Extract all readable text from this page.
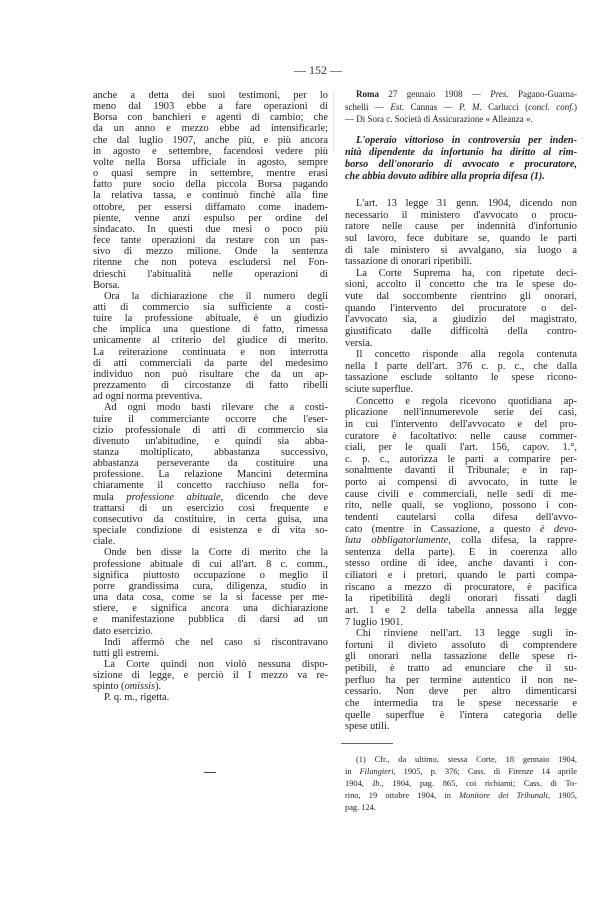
— 152 —
anche a detta dei suoi testimoni, per lo
meno dal 1903 ebbe a fare operazioni di
Borsa con banchieri e agenti di cambio; che
da un anno e mezzo ebbe ad intensificarle;
che dal luglio 1907, anche più, e più ancora
in agosto e settembre, facendosi vedere più
volte nella Borsa ufficiale in agosto, sempre
o quasi sempre in settembre, mentre erasi
fatto pure socio della piccola Borsa pagando
la relativa tassa, e continuò finchè alla fine
ottobre, per essersi diffamato come inadem-
piente, venne anzi espulso per ordine del
sindacato. In questi due mesi o poco più
fece tante operazioni da restare con un pas-
sivo di mezzo milione. Onde la sentenza
ritenne che non poteva escludersi nel Fon-
drieschi l'abitualità nelle operazioni di
Borsa.
Ora la dichiarazione che il numero degli
atti di commercio sia sufficiente a costi-
tuire la professione abituale, è un giudizio
che implica una questione di fatto, rimessa
unicamente al criterio del giudice di merito.
La reiterazione continuata e non interrotta
di atti commerciali da parte del medesimo
individuo non può risultare che da un ap-
prezzamento di circostanze di fatto ribelli
ad ogni norma preventiva.
Ad ogni modo basti rilevare che a costi-
tuire il commerciante occorre che l'eser-
cizio professionale di atti di commercio sia
divenuto un'abitudine, e quindi sia abba-
stanza moltiplicato, abbastanza successivo,
abbastanza perseverante da costituire una
professione. La relazione Mancini determina
chiaramente il concetto racchiuso nella for-
mula professione abituale, dicendo che deve
trattarsi di un esercizio così frequente e
consecutivo da costituire, in certa guisa, una
speciale condizione di esistenza e di vita so-
ciale.
Onde ben disse la Corte di merito che la
professione abituale di cui all'art. 8 c. comm.,
significa piuttosto occupazione o meglio il
porre grandissima cura, diligenza, studio in
una data cosa, come se la si facesse per me-
stiere, e significa ancora una dichiarazione
e manifestazione pubblica di darsi ad un
dato esercizio.
Indi affermò che nel caso si riscontravano
tutti gli estremi.
La Corte quindi non violò nessuna dispo-
sizione di legge, e perciò il I mezzo va re-
spinto (omissis).
P. q. m., rigetta.
Roma 27 gennaio 1908 — Pres. Pagano-Guarna-
schelli — Est. Cannas — P. M. Carlucci (concl. conf.)
— Di Sora c. Società di Assicurazione « Alleanza ».
L'operaio vittorioso in controversia per inden-
nità dipendente da infortunio ha diritto al rim-
borso dell'onorario di avvocato e procuratore,
che abbia dovuto adibire alla propria difesa (1).
L'art. 13 legge 31 genn. 1904, dicendo non
necessario il ministero d'avvocato o procu-
ratore nelle cause per indennità d'infortunio
sul lavoro, fece dubitare se, quando le parti
di tale ministero si avvalgano, sia luogo a
tassazione di onorari ripetibili.
La Corte Suprema ha, con ripetute deci-
sioni, accolto il concetto che tra le spese do-
vute dal soccombente rientrino gli onorari,
quando l'intervento del procuratore o del-
l'avvocato sia, a giudizio del magistrato,
giustificato dalle difficoltà della contro-
versia.
Il concetto risponde alla regola contenuta
nella I parte dell'art. 376 c. p. c., che dalla
tassazione esclude soltanto le spese ricono-
sciute superflue.
Concetto e regola ricevono quotidiana ap-
plicazione nell'innumerevole serie dei casi,
in cui l'intervento dell'avvocato e del pro-
curatore è facoltativo: nelle cause commer-
ciali, per le quali l'art. 156, capov. 1.°,
c. p. c., autorizza le parti a comparire per-
sonalmente davanti il Tribunale; e in rap-
porto ai compensi di avvocato, in tutte le
cause civili e commerciali, nelle sedi di me-
rito, nelle quali, se vogliono, possono i con-
tendenti cautelarsi colla difesa dell'avvo-
cato (mentre in Cassazione, a questo è devo-
luta obbligatoriamente, colla difesa, la rappre-
sentenza della parte). E in coerenza allo
stesso ordine di idee, anche davanti i con-
ciliatori e i pretori, quando le parti compa-
riscano a mezzo di procuratore, è pacifica
la ripetibilità degli onorari fissati dagli
art. 1 e 2 della tabella annessa alla legge
7 luglio 1901.
Chi rinviene nell'art. 13 legge sugli in-
fortuni il divieto assoluto di comprendere
gli onorari nella tassazione delle spese ri-
petibili, è tratto ad enunciare che il su-
perfluo ha per termine autentico il non ne-
cessario. Non deve per altro dimenticarsi
che intermedia tra le spese necessarie e
quelle superflue è l'intera categoria delle
spese utili.
(1) Cfr., da ultimo, stessa Corte, 18 gennaio 1904,
in Filangieri, 1905, p. 376; Cass. di Firenze 14 aprile
1904, Ib., 1904, pag. 865, coi richiami; Cass. di To-
rino, 19 ottobre 1904, in Monitore dei Tribunali, 1905,
pag. 124.
